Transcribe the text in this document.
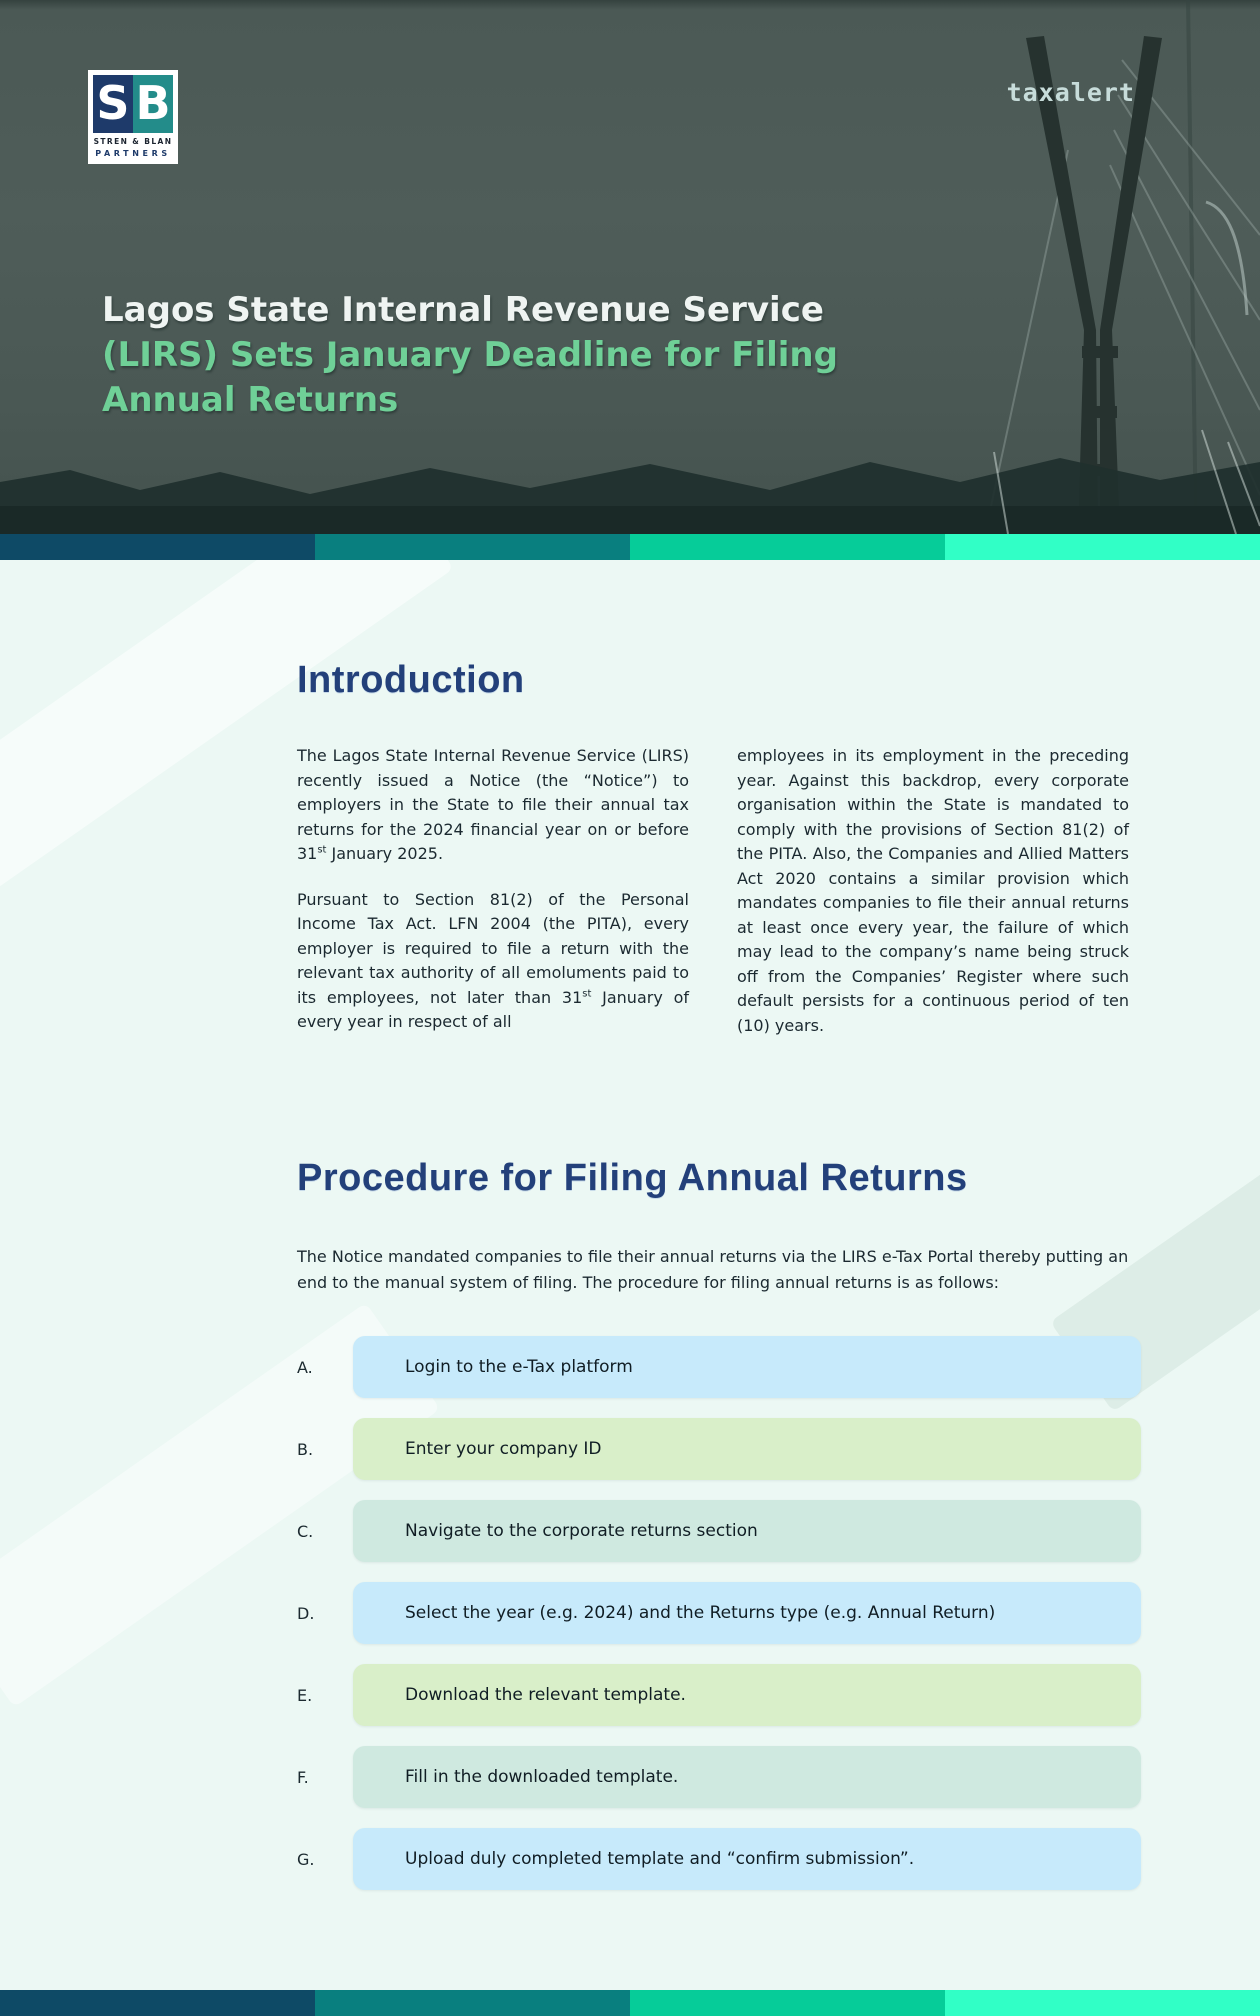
S B
STREN & BLAN
PARTNERS
taxalert
Lagos State Internal Revenue Service
(LIRS) Sets January Deadline for Filing
Annual Returns
Introduction

The Lagos State Internal Revenue Service (LIRS) recently issued a Notice (the “Notice”) to employers in the State to file their annual tax returns for the 2024 financial year on or before 31st January 2025.

Pursuant to Section 81(2) of the Personal Income Tax Act. LFN 2004 (the PITA), every employer is required to file a return with the relevant tax authority of all emoluments paid to its employees, not later than 31st January of every year in respect of all

employees in its employment in the preceding year. Against this backdrop, every corporate organisation within the State is mandated to comply with the provisions of Section 81(2) of the PITA. Also, the Companies and Allied Matters Act 2020 contains a similar provision which mandates companies to file their annual returns at least once every year, the failure of which may lead to the company’s name being struck off from the Companies’ Register where such default persists for a continuous period of ten (10) years.

Procedure for Filing Annual Returns

The Notice mandated companies to file their annual returns via the LIRS e-Tax Portal thereby putting an end to the manual system of filing. The procedure for filing annual returns is as follows:

A.	Login to the e-Tax platform
B.	Enter your company ID
C.	Navigate to the corporate returns section
D.	Select the year (e.g. 2024) and the Returns type (e.g. Annual Return)
E.	Download the relevant template.
F.	Fill in the downloaded template.
G.	Upload duly completed template and “confirm submission”.
